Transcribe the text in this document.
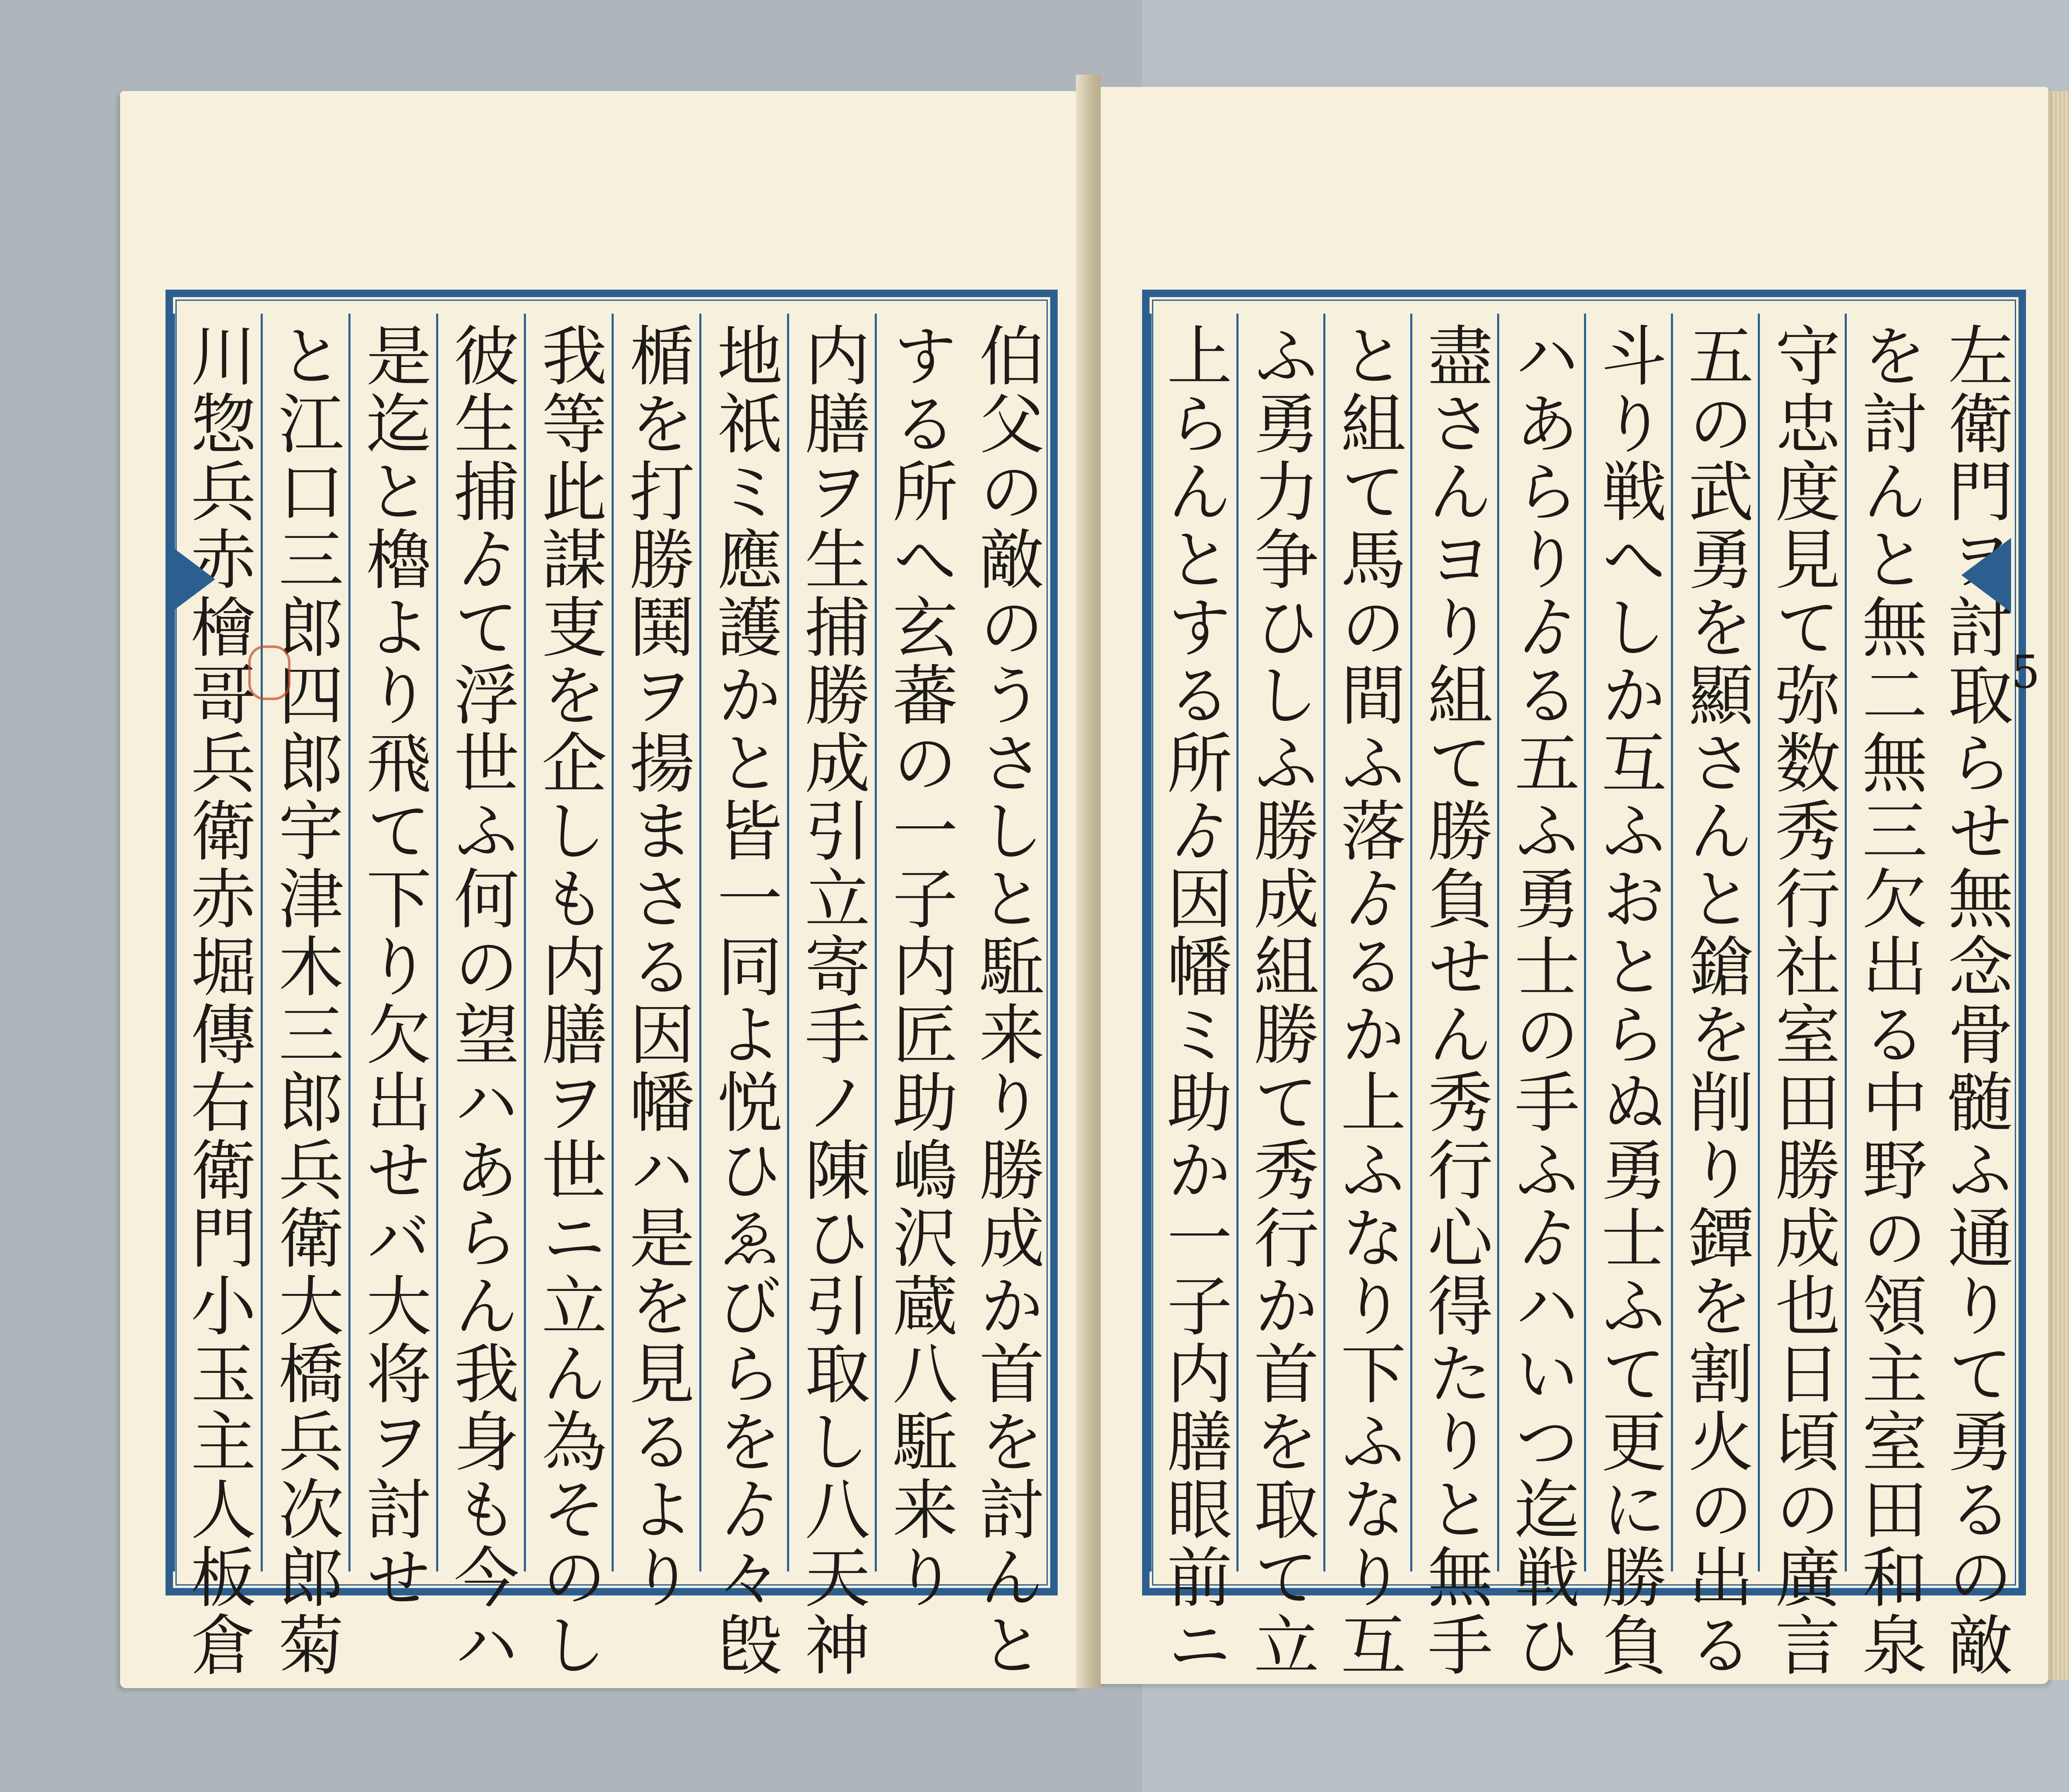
伯父の敵のうさしと駈来り勝成か首を討んと
する所へ玄蕃の一子内匠助嶋沢蔵八駈来り
内膳ヲ生捕勝成引立寄手ノ陳ひ引取し八天神
地祇ミ應護かと皆一同よ悦ひゑびらをゟ々𣪘
楯を打勝鬨ヲ揚まさる因幡ハ是を見るより
我等此謀叓を企しも内膳ヲ世ニ立ん為そのし
彼生捕ゟて浮世ふ何の望ハあらん我身も今ハ
是迄と櫓より飛て下り欠出せバ大将ヲ討せ
と江口三郎四郎宇津木三郎兵衛大橋兵次郎菊
川惣兵赤檜哥兵衛赤堀傳右衛門小玉主人板倉	左衛門ヲ討取らせ無念骨髄ふ通りて勇るの敵
を討んと無二無三欠出る中野の領主室田和泉
守忠度見て弥数秀行社室田勝成也日頃の廣言
五の武勇を顯さんと鎗を削り鐔を割火の出る
斗り戦へしか互ふおとらぬ勇士ふて更に勝負
ハあらりゟる五ふ勇士の手ふゟハいつ迄戦ひ
盡さんヨり組て勝負せん秀行心得たりと無手
と組て馬の間ふ落ゟるか上ふなり下ふなり互
ふ勇力争ひしふ勝成組勝て秀行か首を取て立
上らんとする所ゟ因幡ミ助か一子内膳眼前ニ	5
